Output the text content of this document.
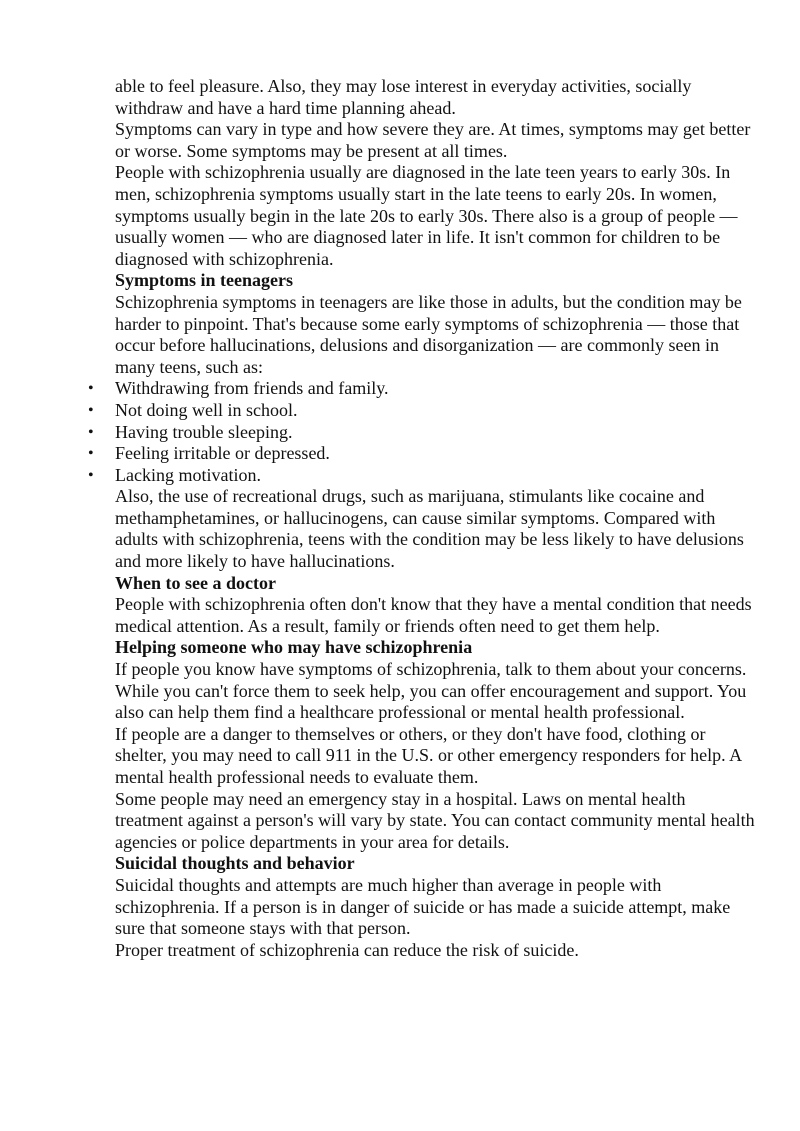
able to feel pleasure. Also, they may lose interest in everyday activities, socially withdraw and have a hard time planning ahead.

Symptoms can vary in type and how severe they are. At times, symptoms may get better or worse. Some symptoms may be present at all times.

People with schizophrenia usually are diagnosed in the late teen years to early 30s. In men, schizophrenia symptoms usually start in the late teens to early 20s. In women, symptoms usually begin in the late 20s to early 30s. There also is a group of people — usually women — who are diagnosed later in life. It isn't common for children to be diagnosed with schizophrenia.

Symptoms in teenagers

Schizophrenia symptoms in teenagers are like those in adults, but the condition may be harder to pinpoint. That's because some early symptoms of schizophrenia — those that occur before hallucinations, delusions and disorganization — are commonly seen in many teens, such as:

• Withdrawing from friends and family.
• Not doing well in school.
• Having trouble sleeping.
• Feeling irritable or depressed.
• Lacking motivation.

Also, the use of recreational drugs, such as marijuana, stimulants like cocaine and methamphetamines, or hallucinogens, can cause similar symptoms. Compared with adults with schizophrenia, teens with the condition may be less likely to have delusions and more likely to have hallucinations.

When to see a doctor

People with schizophrenia often don't know that they have a mental condition that needs medical attention. As a result, family or friends often need to get them help.

Helping someone who may have schizophrenia

If people you know have symptoms of schizophrenia, talk to them about your concerns. While you can't force them to seek help, you can offer encouragement and support. You also can help them find a healthcare professional or mental health professional.

If people are a danger to themselves or others, or they don't have food, clothing or shelter, you may need to call 911 in the U.S. or other emergency responders for help. A mental health professional needs to evaluate them.

Some people may need an emergency stay in a hospital. Laws on mental health treatment against a person's will vary by state. You can contact community mental health agencies or police departments in your area for details.

Suicidal thoughts and behavior

Suicidal thoughts and attempts are much higher than average in people with schizophrenia. If a person is in danger of suicide or has made a suicide attempt, make sure that someone stays with that person.

Proper treatment of schizophrenia can reduce the risk of suicide.
